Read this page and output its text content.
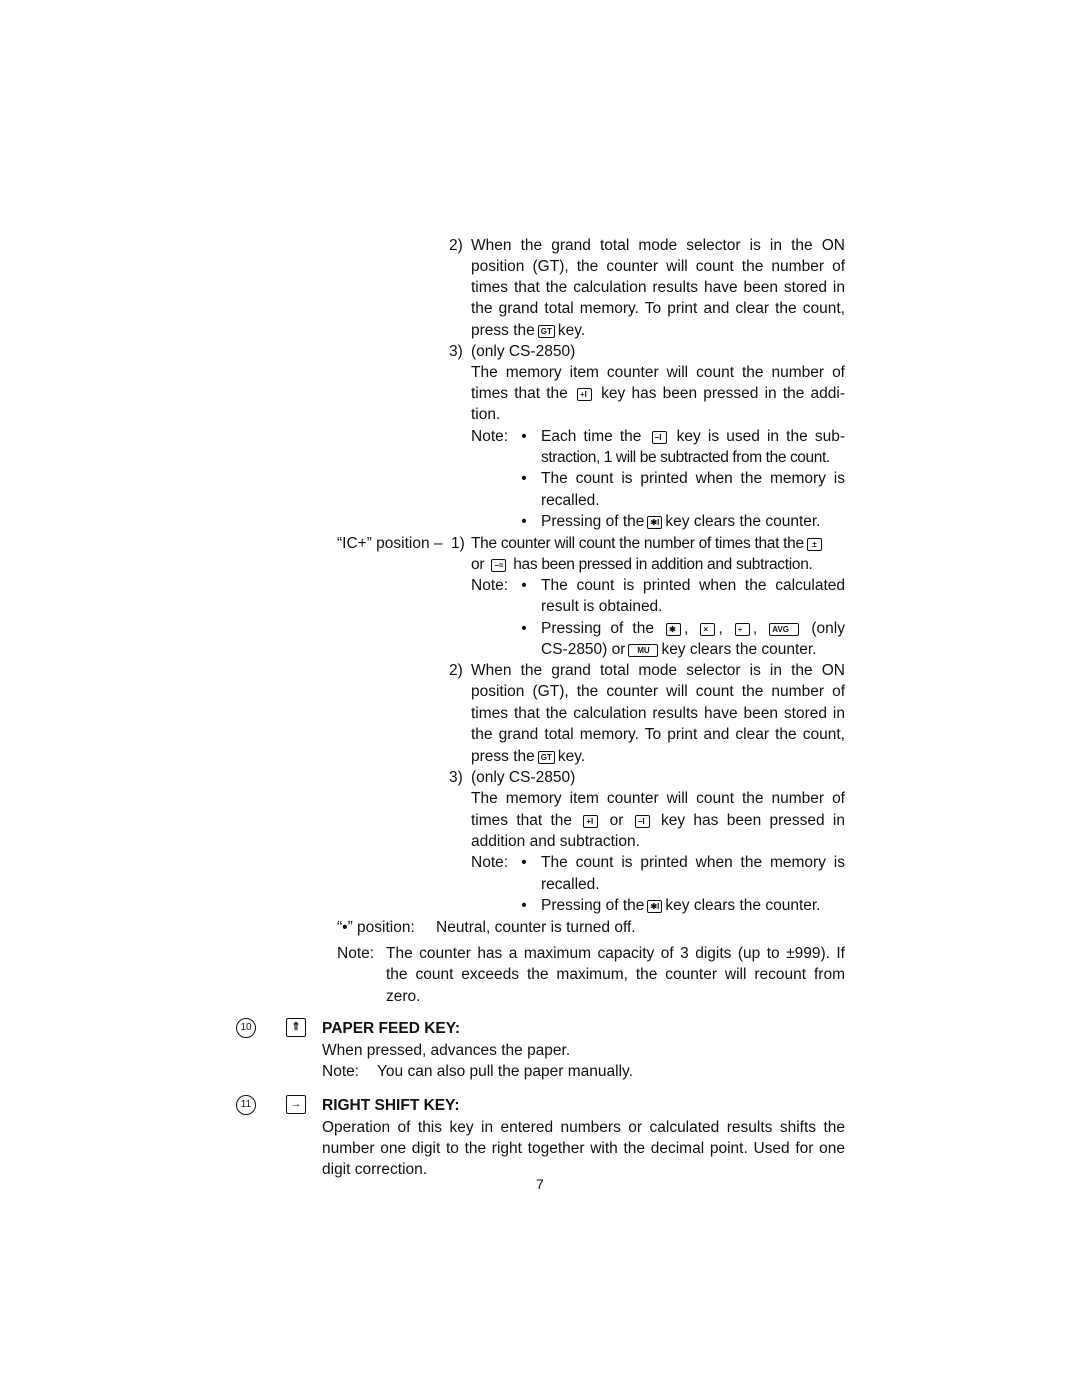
2) When the grand total mode selector is in the ON
position (GT), the counter will count the number of
times that the calculation results have been stored in
the grand total memory. To print and clear the count,
press the GT key.
3) (only CS-2850)
The memory item counter will count the number of
times that the +I key has been pressed in the addi-
tion.
Note: • Each time the −I key is used in the sub-
straction, 1 will be subtracted from the count.
• The count is printed when the memory is
recalled.
• Pressing of the ✱I key clears the counter.
“IC+” position – 1) The counter will count the number of times that the ±
or −= has been pressed in addition and subtraction.
Note: • The count is printed when the calculated
result is obtained.
• Pressing of the ✱ , × , ÷ , AVG (only
CS-2850) or MU key clears the counter.
2) When the grand total mode selector is in the ON
position (GT), the counter will count the number of
times that the calculation results have been stored in
the grand total memory. To print and clear the count,
press the GT key.
3) (only CS-2850)
The memory item counter will count the number of
times that the +I or −I key has been pressed in
addition and subtraction.
Note: • The count is printed when the memory is
recalled.
• Pressing of the ✱I key clears the counter.
“•” position: Neutral, counter is turned off.
Note: The counter has a maximum capacity of 3 digits (up to ±999). If
the count exceeds the maximum, the counter will recount from
zero.
10	⇑	PAPER FEED KEY:
When pressed, advances the paper.
Note: You can also pull the paper manually.
11	→ RIGHT SHIFT KEY:
Operation of this key in entered numbers or calculated results shifts the
number one digit to the right together with the decimal point. Used for one
digit correction.
7
